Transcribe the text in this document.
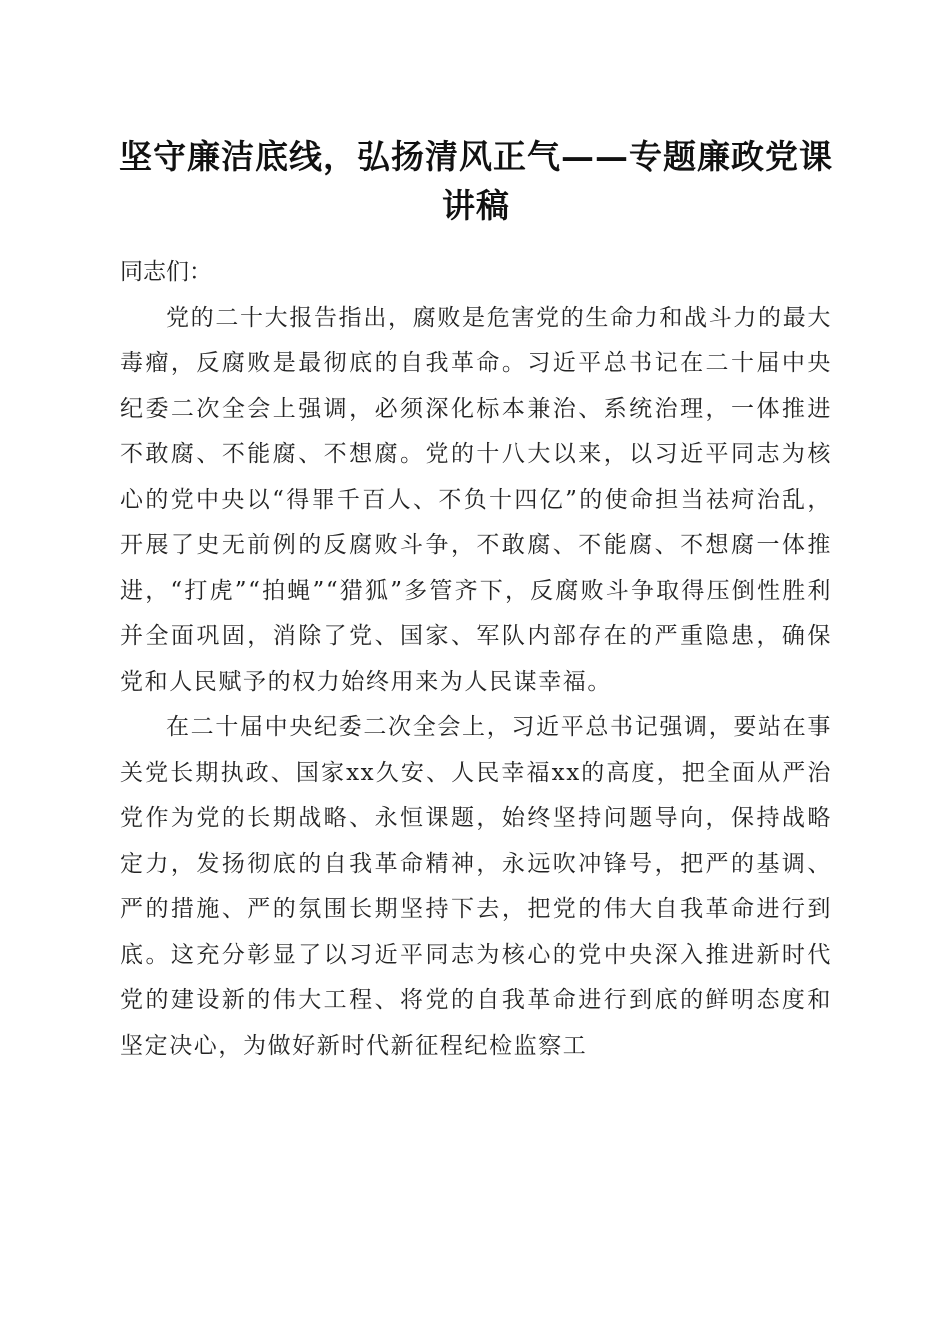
坚守廉洁底线，弘扬清风正气——专题廉政党课讲稿

同志们：

党的二十大报告指出，腐败是危害党的生命力和战斗力的最大毒瘤，反腐败是最彻底的自我革命。习近平总书记在二十届中央纪委二次全会上强调，必须深化标本兼治、系统治理，一体推进不敢腐、不能腐、不想腐。党的十八大以来，以习近平同志为核心的党中央以“得罪千百人、不负十四亿”的使命担当祛疴治乱，开展了史无前例的反腐败斗争，不敢腐、不能腐、不想腐一体推进，“打虎”“拍蝇”“猎狐”多管齐下，反腐败斗争取得压倒性胜利并全面巩固，消除了党、国家、军队内部存在的严重隐患，确保党和人民赋予的权力始终用来为人民谋幸福。

在二十届中央纪委二次全会上，习近平总书记强调，要站在事关党长期执政、国家xx久安、人民幸福xx的高度，把全面从严治党作为党的长期战略、永恒课题，始终坚持问题导向，保持战略定力，发扬彻底的自我革命精神，永远吹冲锋号，把严的基调、严的措施、严的氛围长期坚持下去，把党的伟大自我革命进行到底。这充分彰显了以习近平同志为核心的党中央深入推进新时代党的建设新的伟大工程、将党的自我革命进行到底的鲜明态度和坚定决心，为做好新时代新征程纪检监察工
